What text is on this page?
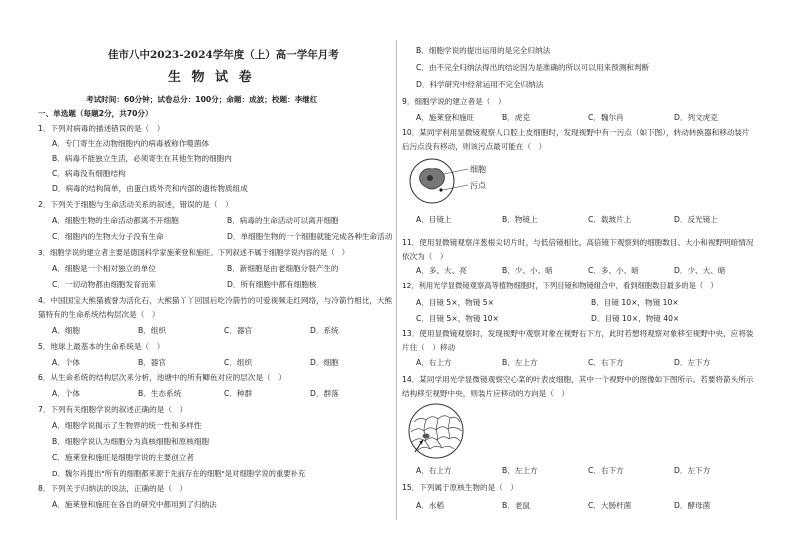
佳市八中2023-2024学年度（上）高一学年月考
生 物 试 卷
考试时间：60分钟；试卷总分：100分；命题：成波；校题：李继红
一、单选题（每题2分，共70分）
1．下列对病毒的描述错误的是（　）
A．专门寄生在动物细胞内的病毒被称作噬菌体
B．病毒不能独立生活，必须寄生在其他生物的细胞内
C．病毒没有细胞结构
D．病毒的结构简单，由蛋白质外壳和内部的遗传物质组成
2．下列关于细胞与生命活动关系的叙述，错误的是（　）
A．细胞生物的生命活动都离不开细胞	B．病毒的生命活动可以离开细胞
C．细胞内的生物大分子没有生命	D．单细胞生物的一个细胞就能完成各种生命活动
3．细胞学说的建立者主要是德国科学家施莱登和施旺。下列叙述不属于细胞学说内容的是（　）
A．细胞是一个相对独立的单位	B．新细胞是由老细胞分裂产生的
C．一切动物都由细胞发育而来	D．所有细胞中都有细胞核
4．中国国宝大熊猫被誉为活化石，大熊猫丫丫回国后吃冷箭竹的可爱视频走红网络，与冷箭竹相比，大熊猫特有的生命系统结构层次是（　）
A．细胞	B．组织	C．器官	D．系统
5．地球上最基本的生命系统是（　）
A．个体	B．器官	C．组织	D．细胞
6．从生命系统的结构层次来分析，池塘中的所有鲫鱼对应的层次是（　）
A．个体	B．生态系统	C．种群	D．群落
7．下列有关细胞学说的叙述正确的是（　）
A．细胞学说揭示了生物界的统一性和多样性
B．细胞学说认为细胞分为真核细胞和原核细胞
C．施莱登和施旺是细胞学说的主要创立者
D．魏尔肖提出"所有的细胞都来源于先前存在的细胞"是对细胞学说的重要补充
8．下列关于归纳法的说法，正确的是（　）
A．施莱登和施旺在各自的研究中都用到了归纳法
B．细胞学说的提出运用的是完全归纳法
C．由不完全归纳法得出的结论因为是准确的所以可以用来预测和判断
D．科学研究中经常运用不完全归纳法
9．细胞学说的建立者是（　）
A．施莱登和施旺	B．虎克	C．魏尔肖	D．列文虎克
10．某同学利用显微镜观察人口腔上皮细胞时，发现视野中有一污点（如下图），转动转换器和移动装片后污点没有移动，则该污点最可能在（　）
细胞
污点
A．目镜上	B．物镜上	C．载玻片上	D．反光镜上
11．使用显微镜观察洋葱根尖切片时，与低倍镜相比，高倍镜下观察到的细胞数目、大小和视野明暗情况依次为（　）
A．多、大、亮	B．少、小、暗	C．多、小、暗	D．少、大、暗
12．利用光学显微镜观察高等植物细胞时，下列目镜和物镜组合中，看到细胞数目最多的是（　）
A．目镜 5×，物镜 5×	B．目镜 10×，物镜 10×
C．目镜 5×，物镜 10×	D．目镜 10×，物镜 40×
13．使用显微镜观察时，发现视野中观察对象在视野右下方，此时若想将观察对象移至视野中央，应将装片往（　）移动
A．右上方	B．左上方	C．右下方	D．左下方
14．某同学用光学显微镜观察空心菜的叶表皮细胞，其中一个视野中的图像如下图所示。若要将箭头所示结构移至视野中央，则装片应移动的方向是（　）
A．右上方	B．左上方	C．右下方	D．左下方
15．下列属于原核生物的是（　）
A．水稻	B．老鼠	C．大肠杆菌	D．酵母菌
